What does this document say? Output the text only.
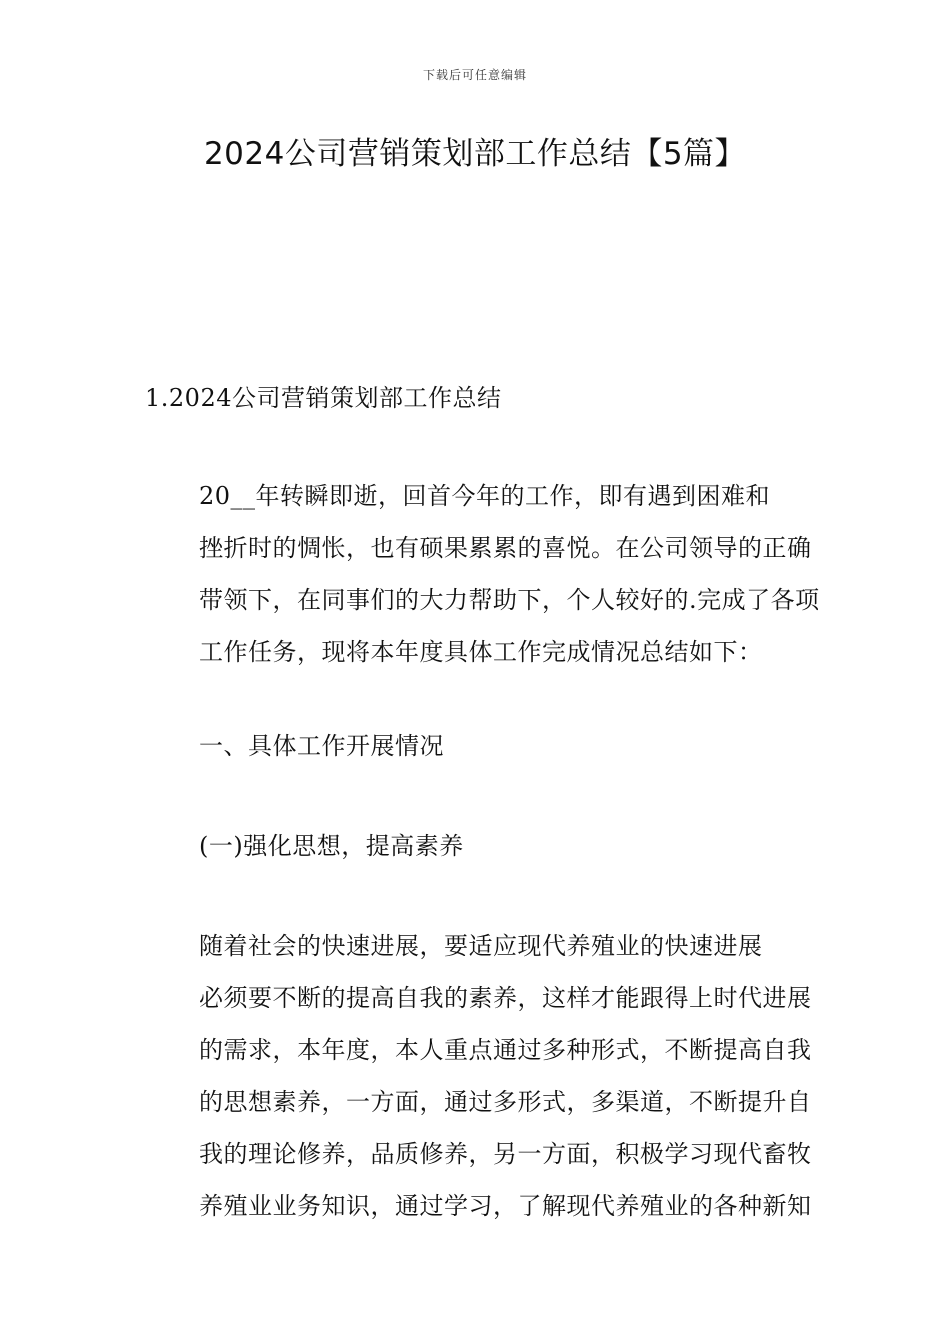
下载后可任意编辑
2024公司营销策划部工作总结【5篇】
1.2024公司营销策划部工作总结
20__年转瞬即逝，回首今年的工作，即有遇到困难和
挫折时的惆怅，也有硕果累累的喜悦。在公司领导的正确
带领下，在同事们的大力帮助下，个人较好的.完成了各项
工作任务，现将本年度具体工作完成情况总结如下：
一、具体工作开展情况
(一)强化思想，提高素养
随着社会的快速进展，要适应现代养殖业的快速进展
必须要不断的提高自我的素养，这样才能跟得上时代进展
的需求，本年度，本人重点通过多种形式，不断提高自我
的思想素养，一方面，通过多形式，多渠道，不断提升自
我的理论修养，品质修养，另一方面，积极学习现代畜牧
养殖业业务知识，通过学习，了解现代养殖业的各种新知
